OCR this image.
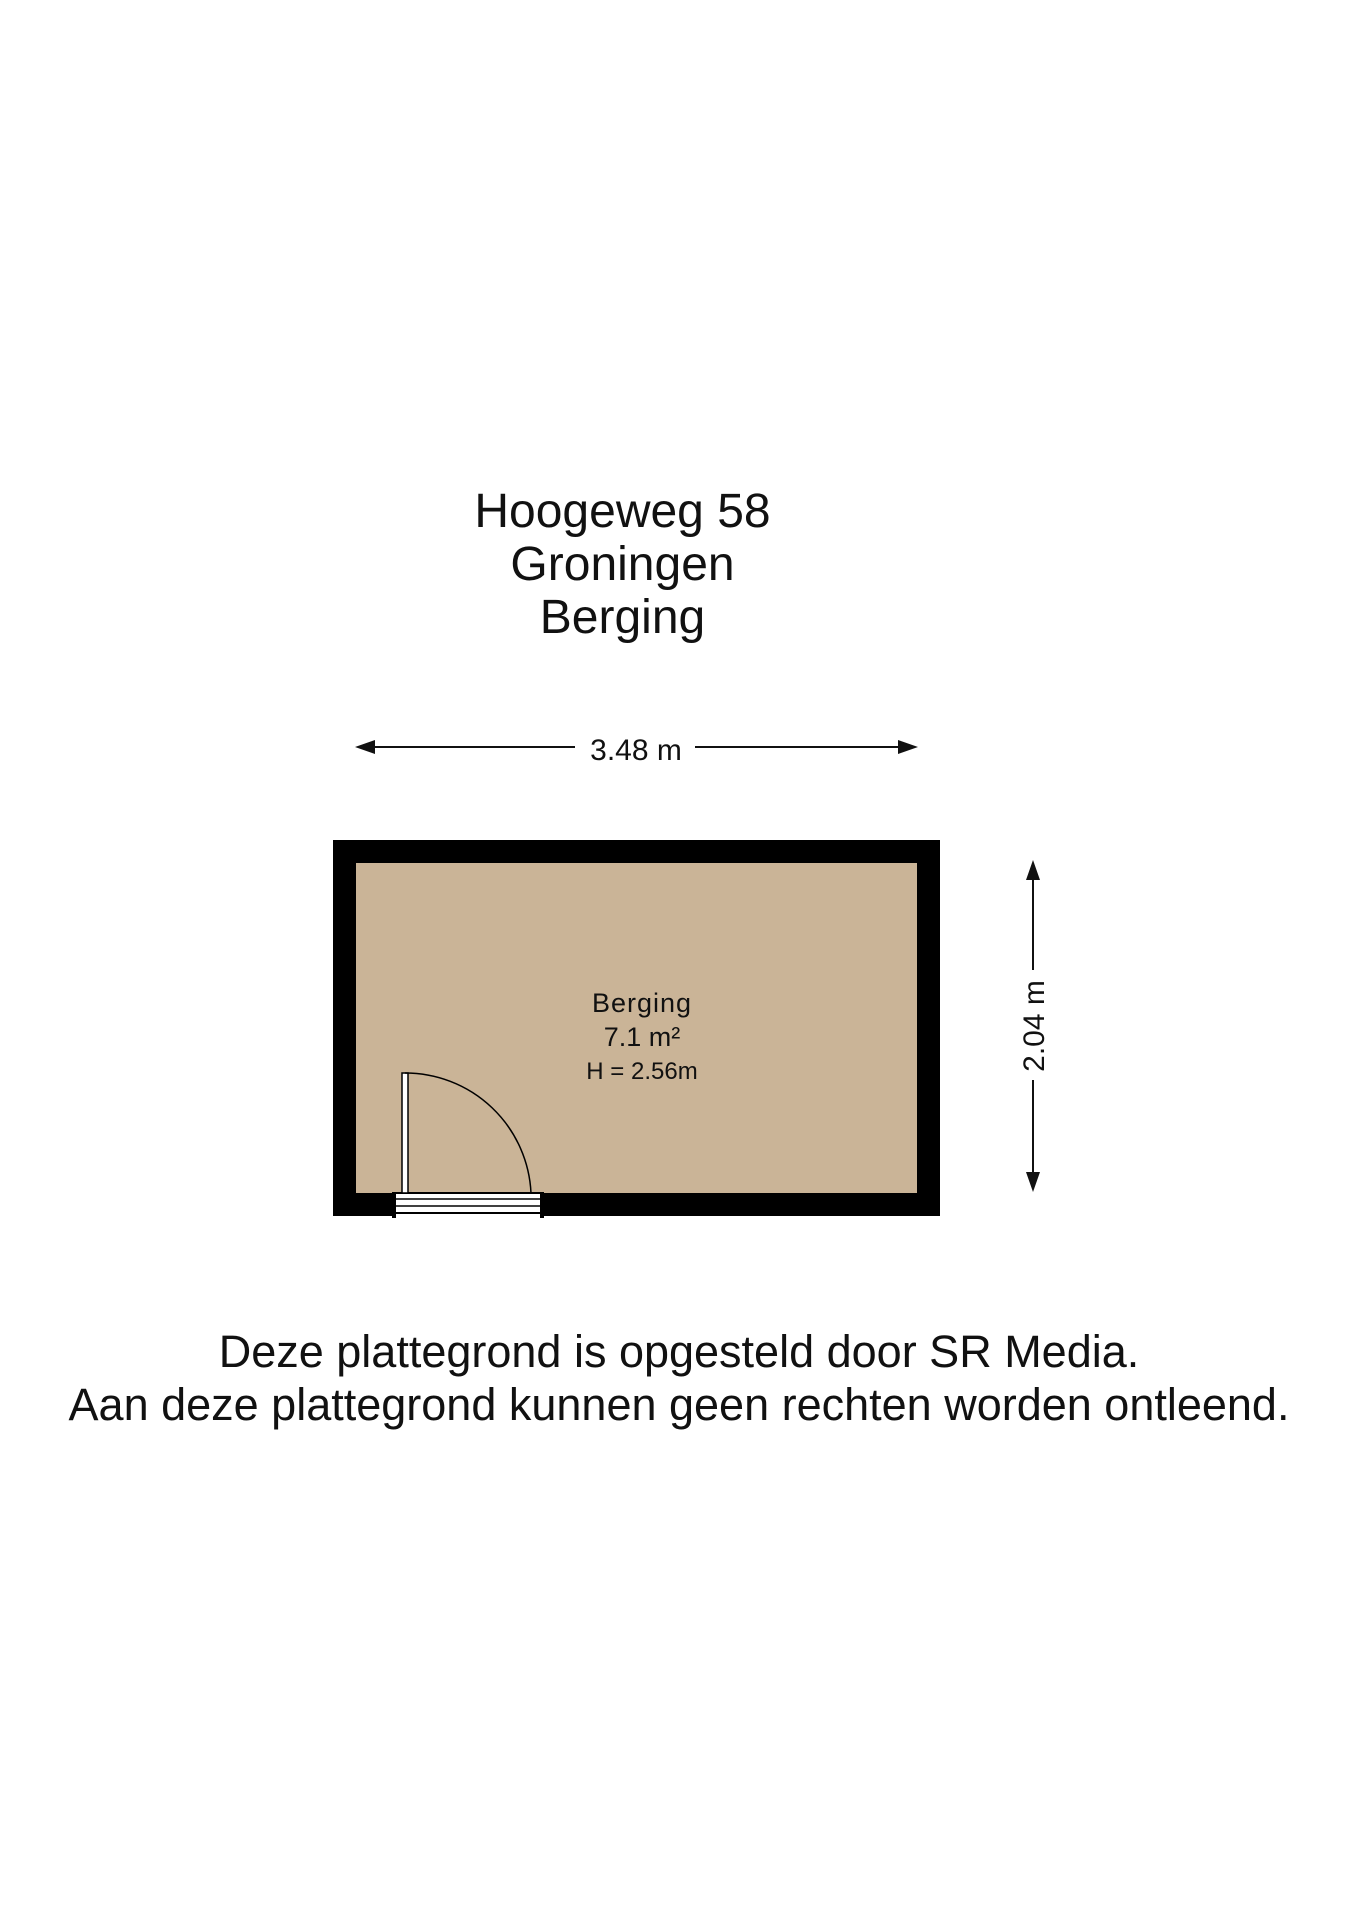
Hoogeweg 58
Groningen
Berging
3.48 m
Berging
7.1 m²
H = 2.56m	2.04 m
Deze plattegrond is opgesteld door SR Media.
Aan deze plattegrond kunnen geen rechten worden ontleend.
